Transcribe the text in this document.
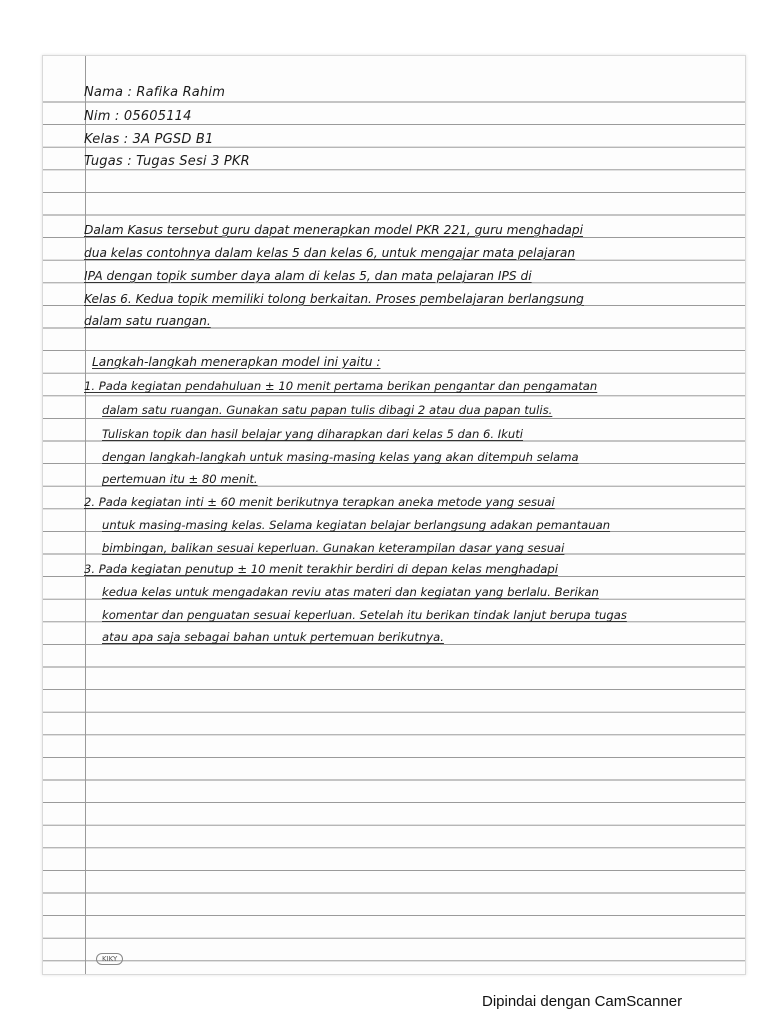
Nama : Rafika Rahim
Nim : 05605114
Kelas : 3A PGSD B1
Tugas : Tugas Sesi 3 PKR
Dalam Kasus tersebut guru dapat menerapkan model PKR 221, guru menghadapi
dua kelas contohnya dalam kelas 5 dan kelas 6, untuk mengajar mata pelajaran
IPA dengan topik sumber daya alam di kelas 5, dan mata pelajaran IPS di
Kelas 6. Kedua topik memiliki tolong berkaitan. Proses pembelajaran berlangsung
dalam satu ruangan.
Langkah-langkah menerapkan model ini yaitu :
1. Pada kegiatan pendahuluan ± 10 menit pertama berikan pengantar dan pengamatan
dalam satu ruangan. Gunakan satu papan tulis dibagi 2 atau dua papan tulis.
Tuliskan topik dan hasil belajar yang diharapkan dari kelas 5 dan 6. Ikuti
dengan langkah-langkah untuk masing-masing kelas yang akan ditempuh selama
pertemuan itu ± 80 menit.
2. Pada kegiatan inti ± 60 menit berikutnya terapkan aneka metode yang sesuai
untuk masing-masing kelas. Selama kegiatan belajar berlangsung adakan pemantauan
bimbingan, balikan sesuai keperluan. Gunakan keterampilan dasar yang sesuai
3. Pada kegiatan penutup ± 10 menit terakhir berdiri di depan kelas menghadapi
kedua kelas untuk mengadakan reviu atas materi dan kegiatan yang berlalu. Berikan
komentar dan penguatan sesuai keperluan. Setelah itu berikan tindak lanjut berupa tugas
atau apa saja sebagai bahan untuk pertemuan berikutnya.
KIKY
Dipindai dengan CamScanner
